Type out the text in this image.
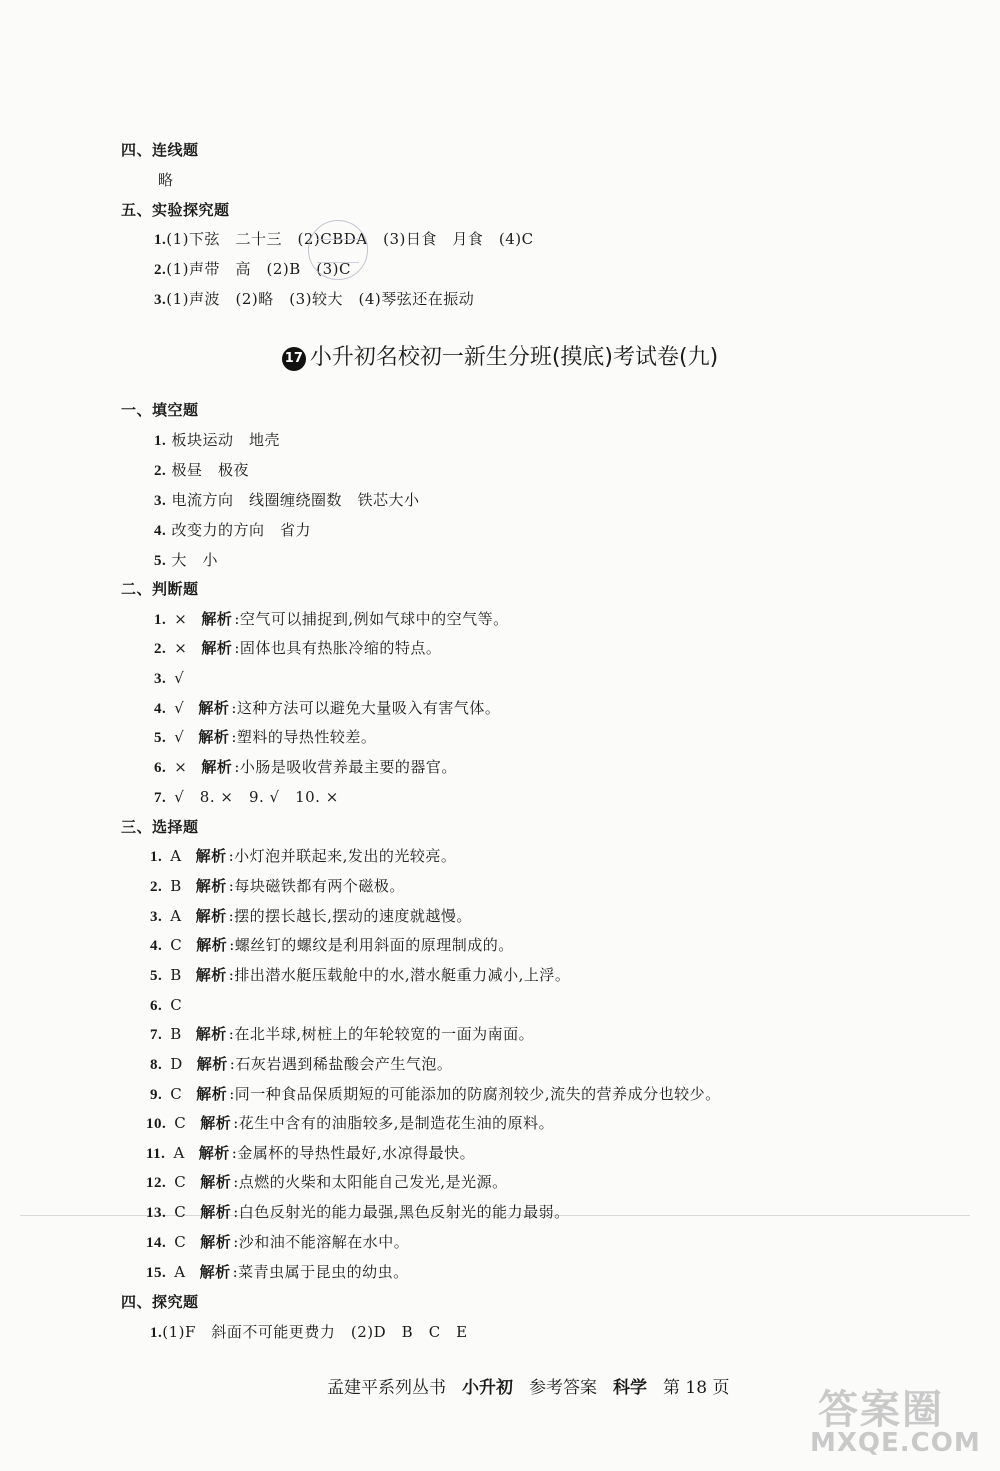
四、连线题
略
五、实验探究题
1.(1)下弦　二十三　(2)CBDA　(3)日食　月食　(4)C
2.(1)声带　高　(2)B　(3)C
3.(1)声波　(2)略　(3)较大　(4)琴弦还在振动
17 小升初名校初一新生分班(摸底)考试卷(九)
一、填空题
1. 板块运动　地壳
2. 极昼　极夜
3. 电流方向　线圈缠绕圈数　铁芯大小
4. 改变力的方向　省力
5. 大　小
二、判断题
1. × 解析 :空气可以捕捉到,例如气球中的空气等。
2. × 解析 :固体也具有热胀冷缩的特点。
3. √
4. √ 解析 :这种方法可以避免大量吸入有害气体。
5. √ 解析 :塑料的导热性较差。
6. × 解析 :小肠是吸收营养最主要的器官。
7. √　8. ×　9. √　10. ×
三、选择题
1. A 解析 :小灯泡并联起来,发出的光较亮。
2. B 解析 :每块磁铁都有两个磁极。
3. A 解析 :摆的摆长越长,摆动的速度就越慢。
4. C 解析 :螺丝钉的螺纹是利用斜面的原理制成的。
5. B 解析 :排出潜水艇压载舱中的水,潜水艇重力减小,上浮。
6. C
7. B 解析 :在北半球,树桩上的年轮较宽的一面为南面。
8. D 解析 :石灰岩遇到稀盐酸会产生气泡。
9. C 解析 :同一种食品保质期短的可能添加的防腐剂较少,流失的营养成分也较少。
10. C 解析 :花生中含有的油脂较多,是制造花生油的原料。
11. A 解析 :金属杯的导热性最好,水凉得最快。
12. C 解析 :点燃的火柴和太阳能自己发光,是光源。
13. C 解析 :白色反射光的能力最强,黑色反射光的能力最弱。
14. C 解析 :沙和油不能溶解在水中。
15. A 解析 :菜青虫属于昆虫的幼虫。
四、探究题
1.(1)F　斜面不可能更费力　(2)D　B　C　E
孟建平系列丛书 小升初 参考答案 科学 第 18 页	答案圈
MXQE.COM
